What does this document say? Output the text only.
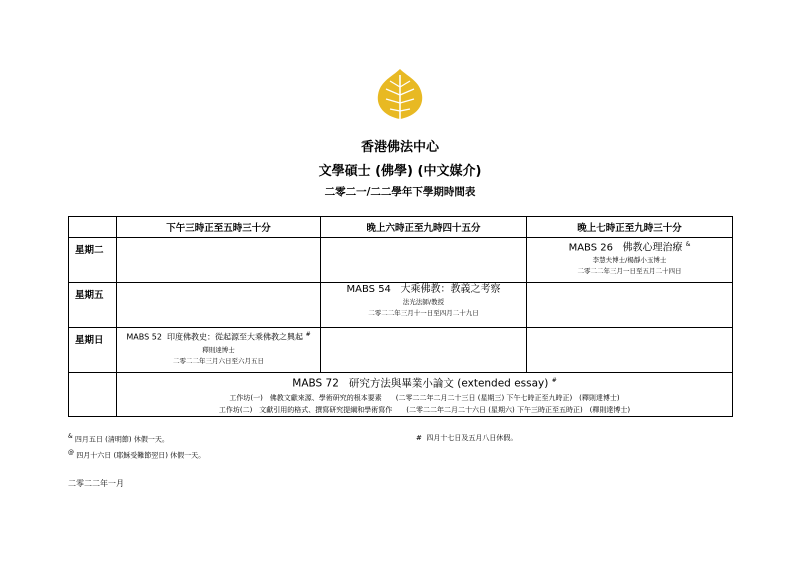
香港佛法中心
文學碩士 (佛學) (中文媒介)
二零二一/二二學年下學期時間表
	下午三時正至五時三十分	晚上六時正至九時四十五分	晚上七時正至九時三十分
星期二			MABS 26 佛教心理治療 &
李慧夫博士/楊靜小玉博士
二零二二年三月一日至五月二十四日

星期五		MABS 54 大乘佛教：教義之考察
法光法師/教授
二零二二年三月十一日至四月二十九日	

星期日	MABS 52 印度佛教史：從起源至大乘佛教之興起 #
釋則達博士
二零二二年三月六日至六月五日		

	MABS 72 研究方法與畢業小論文 (extended essay) #
工作坊(一)　佛教文獻來源、學術研究的根本要素　　(二零二二年二月二十三日 (星期三) 下午七時正至九時正)　(釋則達博士)
工作坊(二)　文獻引用的格式、撰寫研究提綱和學術寫作　　(二零二二年二月二十六日 (星期六) 下午三時正至五時正)　(釋則達博士)		
& 四月五日 (清明節) 休假一天。	# 四月十七日及五月八日休假。
@ 四月十六日 (耶穌受難節翌日) 休假一天。
二零二二年一月
